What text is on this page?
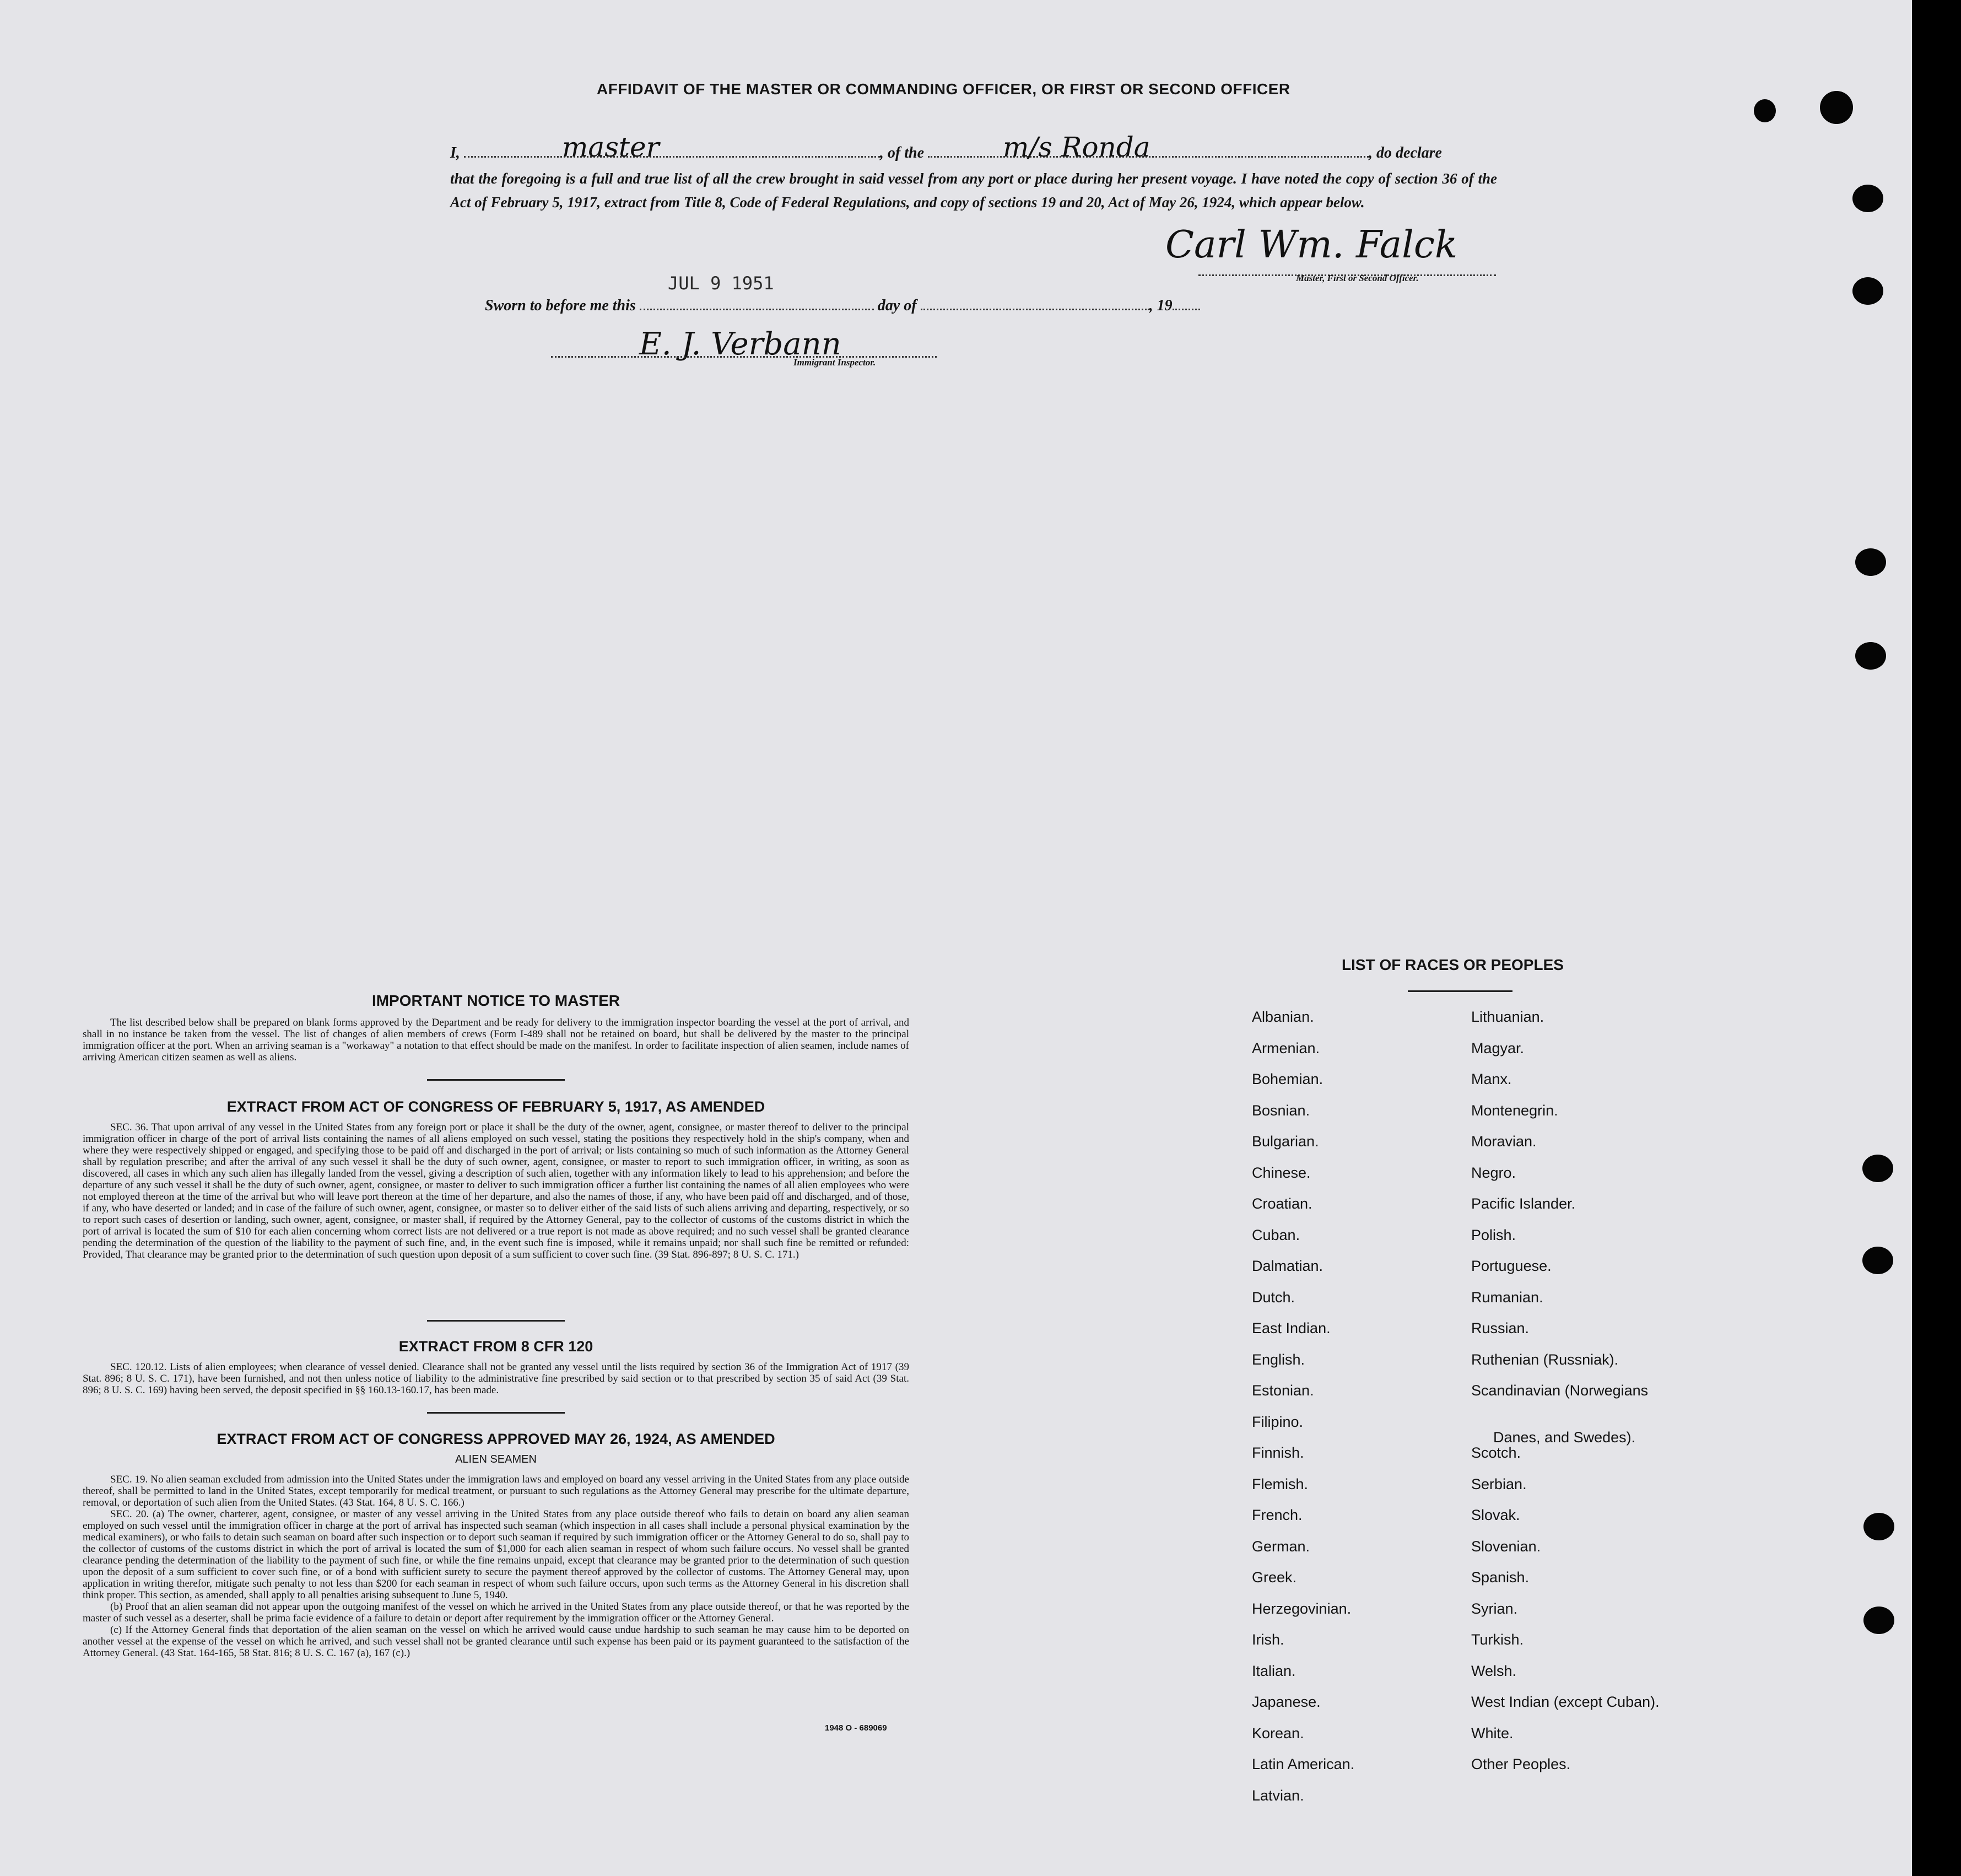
AFFIDAVIT OF THE MASTER OR COMMANDING OFFICER, OR FIRST OR SECOND OFFICER
I,	, of the	, do declare
master	m/s Ronda
that the foregoing is a full and true list of all the crew brought in said vessel from any port or place during her present voyage. I have noted the copy of section 36 of the Act of February 5, 1917, extract from Title 8, Code of Federal Regulations, and copy of sections 19 and 20, Act of May 26, 1924, which appear below.
Carl Wm. Falck
Master, First or Second Officer.
JUL 9 1951
Sworn to before me this	day of	, 19
E. J. Verbann
Immigrant Inspector.
IMPORTANT NOTICE TO MASTER
The list described below shall be prepared on blank forms approved by the Department and be ready for delivery to the immigration inspector boarding the vessel at the port of arrival, and shall in no instance be taken from the vessel. The list of changes of alien members of crews (Form I-489 shall not be retained on board, but shall be delivered by the master to the principal immigration officer at the port. When an arriving seaman is a "workaway" a notation to that effect should be made on the manifest. In order to facilitate inspection of alien seamen, include names of arriving American citizen seamen as well as aliens.
EXTRACT FROM ACT OF CONGRESS OF FEBRUARY 5, 1917, AS AMENDED
SEC. 36. That upon arrival of any vessel in the United States from any foreign port or place it shall be the duty of the owner, agent, consignee, or master thereof to deliver to the principal immigration officer in charge of the port of arrival lists containing the names of all aliens employed on such vessel, stating the positions they respectively hold in the ship's company, when and where they were respectively shipped or engaged, and specifying those to be paid off and discharged in the port of arrival; or lists containing so much of such information as the Attorney General shall by regulation prescribe; and after the arrival of any such vessel it shall be the duty of such owner, agent, consignee, or master to report to such immigration officer, in writing, as soon as discovered, all cases in which any such alien has illegally landed from the vessel, giving a description of such alien, together with any information likely to lead to his apprehension; and before the departure of any such vessel it shall be the duty of such owner, agent, consignee, or master to deliver to such immigration officer a further list containing the names of all alien employees who were not employed thereon at the time of the arrival but who will leave port thereon at the time of her departure, and also the names of those, if any, who have been paid off and discharged, and of those, if any, who have deserted or landed; and in case of the failure of such owner, agent, consignee, or master so to deliver either of the said lists of such aliens arriving and departing, respectively, or so to report such cases of desertion or landing, such owner, agent, consignee, or master shall, if required by the Attorney General, pay to the collector of customs of the customs district in which the port of arrival is located the sum of $10 for each alien concerning whom correct lists are not delivered or a true report is not made as above required; and no such vessel shall be granted clearance pending the determination of the question of the liability to the payment of such fine, and, in the event such fine is imposed, while it remains unpaid; nor shall such fine be remitted or refunded: Provided, That clearance may be granted prior to the determination of such question upon deposit of a sum sufficient to cover such fine. (39 Stat. 896-897; 8 U. S. C. 171.)
EXTRACT FROM 8 CFR 120
SEC. 120.12. Lists of alien employees; when clearance of vessel denied. Clearance shall not be granted any vessel until the lists required by section 36 of the Immigration Act of 1917 (39 Stat. 896; 8 U. S. C. 171), have been furnished, and not then unless notice of liability to the administrative fine prescribed by said section or to that prescribed by section 35 of said Act (39 Stat. 896; 8 U. S. C. 169) having been served, the deposit specified in §§ 160.13-160.17, has been made.
EXTRACT FROM ACT OF CONGRESS APPROVED MAY 26, 1924, AS AMENDED
ALIEN SEAMEN
SEC. 19. No alien seaman excluded from admission into the United States under the immigration laws and employed on board any vessel arriving in the United States from any place outside thereof, shall be permitted to land in the United States, except temporarily for medical treatment, or pursuant to such regulations as the Attorney General may prescribe for the ultimate departure, removal, or deportation of such alien from the United States. (43 Stat. 164, 8 U. S. C. 166.)
SEC. 20. (a) The owner, charterer, agent, consignee, or master of any vessel arriving in the United States from any place outside thereof who fails to detain on board any alien seaman employed on such vessel until the immigration officer in charge at the port of arrival has inspected such seaman (which inspection in all cases shall include a personal physical examination by the medical examiners), or who fails to detain such seaman on board after such inspection or to deport such seaman if required by such immigration officer or the Attorney General to do so, shall pay to the collector of customs of the customs district in which the port of arrival is located the sum of $1,000 for each alien seaman in respect of whom such failure occurs. No vessel shall be granted clearance pending the determination of the liability to the payment of such fine, or while the fine remains unpaid, except that clearance may be granted prior to the determination of such question upon the deposit of a sum sufficient to cover such fine, or of a bond with sufficient surety to secure the payment thereof approved by the collector of customs. The Attorney General may, upon application in writing therefor, mitigate such penalty to not less than $200 for each seaman in respect of whom such failure occurs, upon such terms as the Attorney General in his discretion shall think proper. This section, as amended, shall apply to all penalties arising subsequent to June 5, 1940.
(b) Proof that an alien seaman did not appear upon the outgoing manifest of the vessel on which he arrived in the United States from any place outside thereof, or that he was reported by the master of such vessel as a deserter, shall be prima facie evidence of a failure to detain or deport after requirement by the immigration officer or the Attorney General.
(c) If the Attorney General finds that deportation of the alien seaman on the vessel on which he arrived would cause undue hardship to such seaman he may cause him to be deported on another vessel at the expense of the vessel on which he arrived, and such vessel shall not be granted clearance until such expense has been paid or its payment guaranteed to the satisfaction of the Attorney General. (43 Stat. 164-165, 58 Stat. 816; 8 U. S. C. 167 (a), 167 (c).)
1948 O - 689069
LIST OF RACES OR PEOPLES
Albanian.
Armenian.
Bohemian.
Bosnian.
Bulgarian.
Chinese.
Croatian.
Cuban.
Dalmatian.
Dutch.
East Indian.
English.
Estonian.
Filipino.
Finnish.
Flemish.
French.
German.
Greek.
Herzegovinian.
Irish.
Italian.
Japanese.
Korean.
Latin American.
Latvian.
Lithuanian.
Magyar.
Manx.
Montenegrin.
Moravian.
Negro.
Pacific Islander.
Polish.
Portuguese.
Rumanian.
Russian.
Ruthenian (Russniak).
Scandinavian (Norwegians
Danes, and Swedes).
Scotch.
Serbian.
Slovak.
Slovenian.
Spanish.
Syrian.
Turkish.
Welsh.
West Indian (except Cuban).
White.
Other Peoples.
